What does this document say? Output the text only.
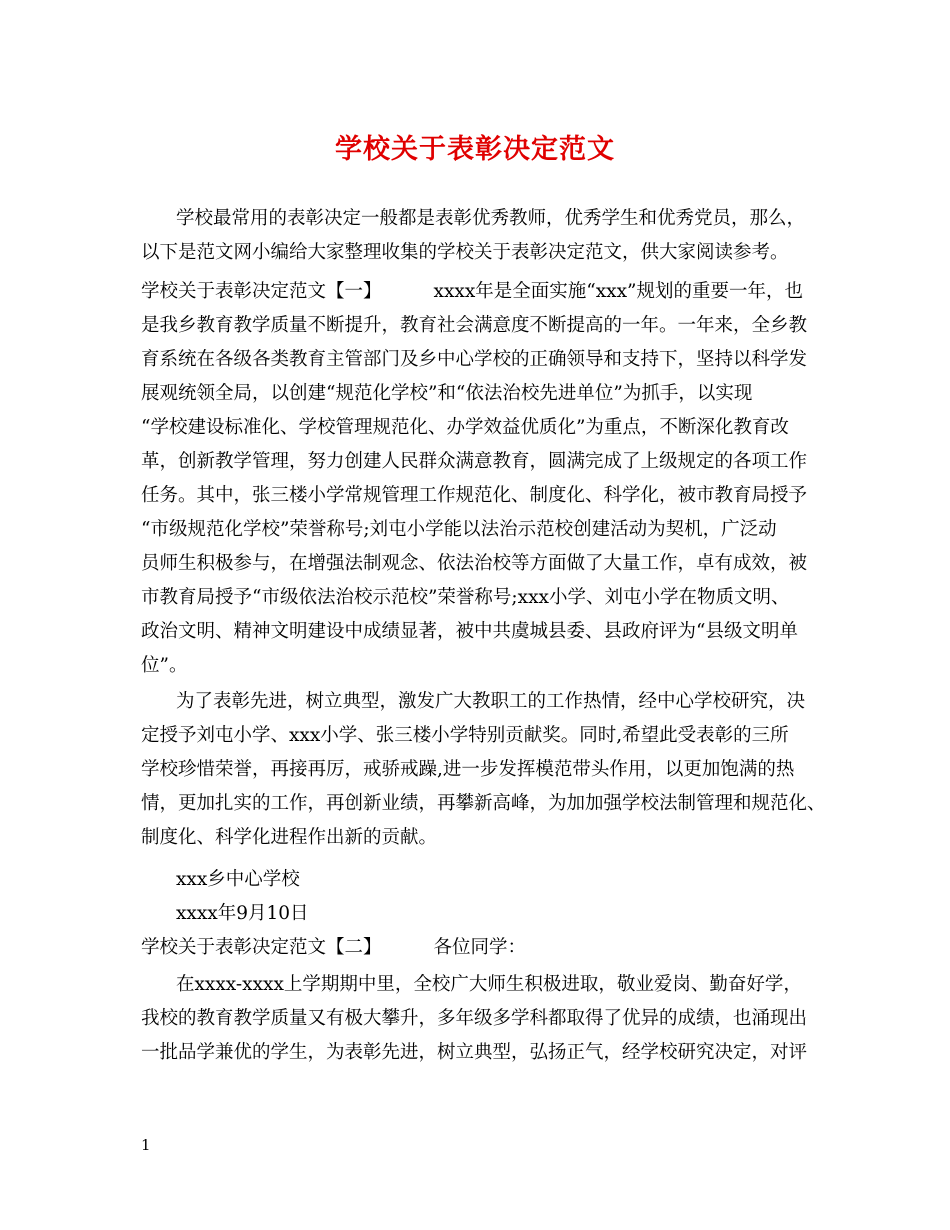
学校关于表彰决定范文
学校最常用的表彰决定一般都是表彰优秀教师，优秀学生和优秀党员，那么，
以下是范文网小编给大家整理收集的学校关于表彰决定范文，供大家阅读参考。
学校关于表彰决定范文【一】	xxxx年是全面实施“xxx”规划的重要一年，也
是我乡教育教学质量不断提升，教育社会满意度不断提高的一年。一年来，全乡教
育系统在各级各类教育主管部门及乡中心学校的正确领导和支持下，坚持以科学发
展观统领全局，以创建“规范化学校”和“依法治校先进单位”为抓手，以实现
“学校建设标准化、学校管理规范化、办学效益优质化”为重点，不断深化教育改
革，创新教学管理，努力创建人民群众满意教育，圆满完成了上级规定的各项工作
任务。其中，张三楼小学常规管理工作规范化、制度化、科学化，被市教育局授予
“市级规范化学校”荣誉称号;刘屯小学能以法治示范校创建活动为契机，广泛动
员师生积极参与，在增强法制观念、依法治校等方面做了大量工作，卓有成效，被
市教育局授予“市级依法治校示范校”荣誉称号;xxx小学、刘屯小学在物质文明、
政治文明、精神文明建设中成绩显著，被中共虞城县委、县政府评为“县级文明单
位”。
为了表彰先进，树立典型，激发广大教职工的工作热情，经中心学校研究，决
定授予刘屯小学、xxx小学、张三楼小学特别贡献奖。同时,希望此受表彰的三所
学校珍惜荣誉，再接再厉，戒骄戒躁,进一步发挥模范带头作用，以更加饱满的热
情，更加扎实的工作，再创新业绩，再攀新高峰，为加加强学校法制管理和规范化、
制度化、科学化进程作出新的贡献。
xxx乡中心学校
xxxx年9月10日
学校关于表彰决定范文【二】	各位同学：
在xxxx-xxxx上学期期中里，全校广大师生积极进取，敬业爱岗、勤奋好学，
我校的教育教学质量又有极大攀升，多年级多学科都取得了优异的成绩，也涌现出
一批品学兼优的学生，为表彰先进，树立典型，弘扬正气，经学校研究决定，对评
1
